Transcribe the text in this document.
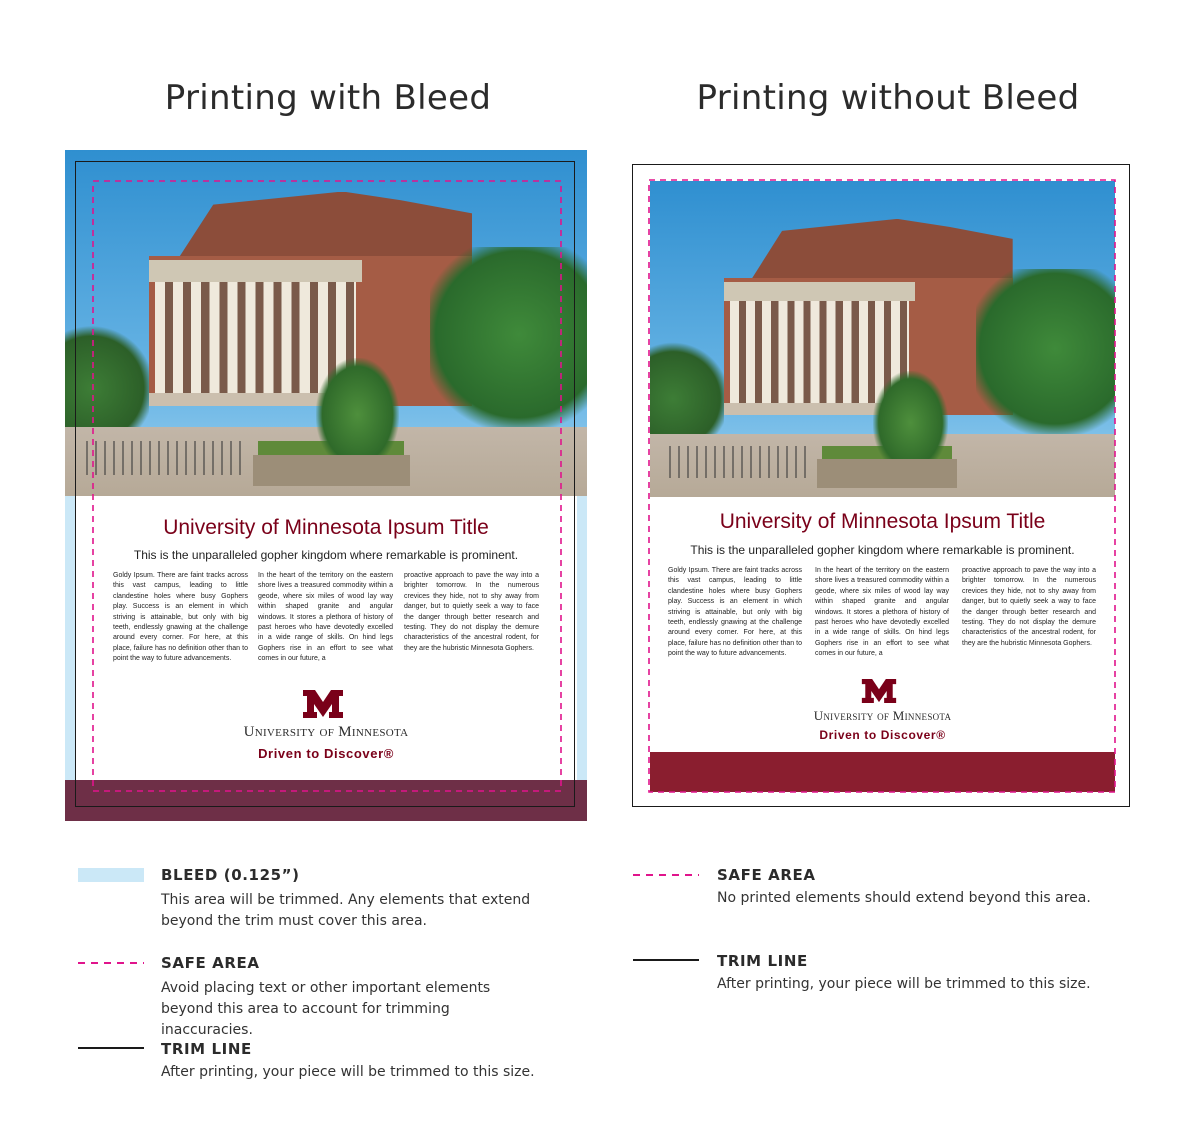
Printing with Bleed	Printing without Bleed
University of Minnesota Ipsum Title
This is the unparalleled gopher kingdom where remarkable is prominent.
Goldy Ipsum. There are faint tracks across this vast campus, leading to little clandestine holes where busy Gophers play. Success is an element in which striving is attainable, but only with big teeth, endlessly gnawing at the challenge around every corner. For here, at this place, failure has no definition other than to point the way to future advancements.
In the heart of the territory on the eastern shore lives a treasured commodity within a geode, where six miles of wood lay way within shaped granite and angular windows. It stores a plethora of history of past heroes who have devotedly excelled in a wide range of skills. On hind legs Gophers rise in an effort to see what comes in our future, a
proactive approach to pave the way into a brighter tomorrow. In the numerous crevices they hide, not to shy away from danger, but to quietly seek a way to face the danger through better research and testing. They do not display the demure characteristics of the ancestral rodent, for they are the hubristic Minnesota Gophers.
University of Minnesota
Driven to Discover®
University of Minnesota Ipsum Title
This is the unparalleled gopher kingdom where remarkable is prominent.
Goldy Ipsum. There are faint tracks across this vast campus, leading to little clandestine holes where busy Gophers play. Success is an element in which striving is attainable, but only with big teeth, endlessly gnawing at the challenge around every corner. For here, at this place, failure has no definition other than to point the way to future advancements.
In the heart of the territory on the eastern shore lives a treasured commodity within a geode, where six miles of wood lay way within shaped granite and angular windows. It stores a plethora of history of past heroes who have devotedly excelled in a wide range of skills. On hind legs Gophers rise in an effort to see what comes in our future, a
proactive approach to pave the way into a brighter tomorrow. In the numerous crevices they hide, not to shy away from danger, but to quietly seek a way to face the danger through better research and testing. They do not display the demure characteristics of the ancestral rodent, for they are the hubristic Minnesota Gophers.
University of Minnesota
Driven to Discover®
BLEED (0.125”)
This area will be trimmed. Any elements that extend beyond the trim must cover this area.
SAFE AREA
Avoid placing text or other important elements beyond this area to account for trimming inaccuracies.
TRIM LINE
After printing, your piece will be trimmed to this size.
SAFE AREA
No printed elements should extend beyond this area.
TRIM LINE
After printing, your piece will be trimmed to this size.
